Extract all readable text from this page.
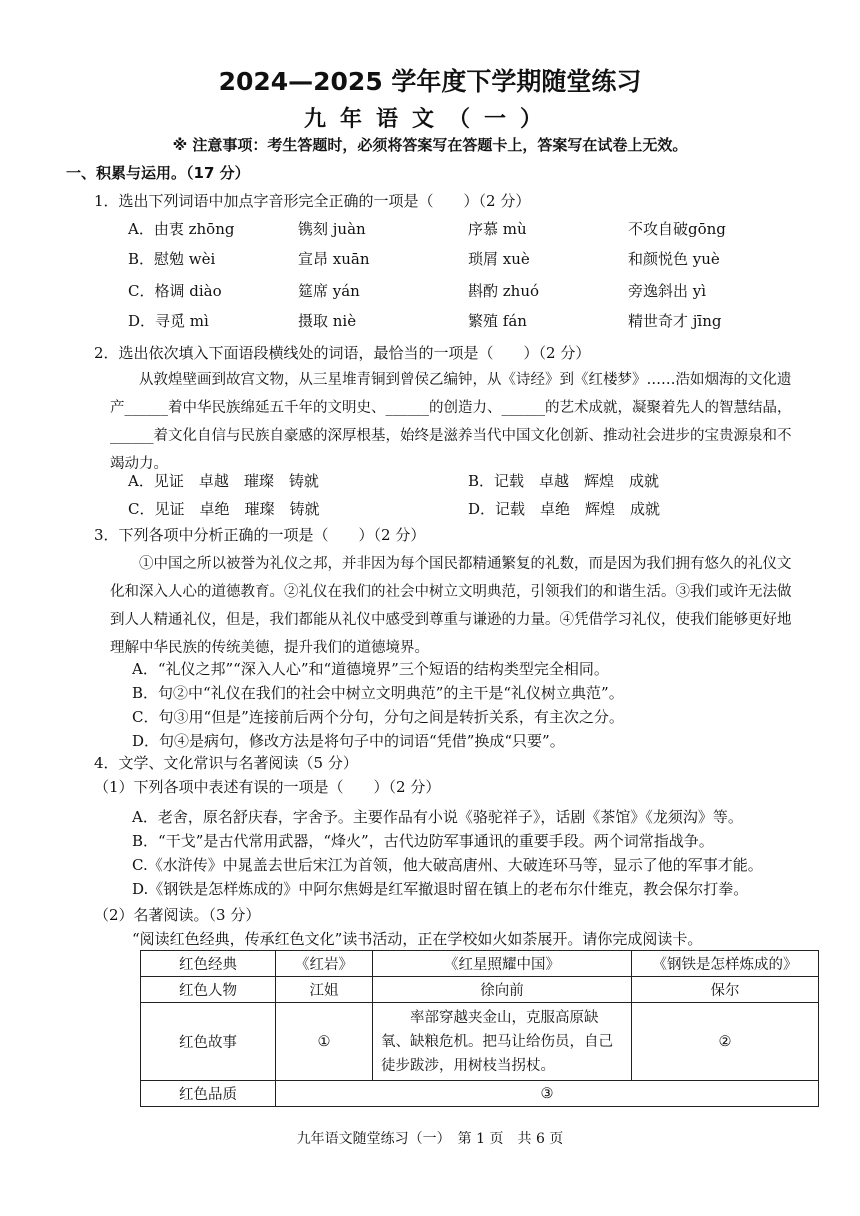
2024—2025 学年度下学期随堂练习
九年语文（一）
※ 注意事项：考生答题时，必须将答案写在答题卡上，答案写在试卷上无效。
一、积累与运用。（17 分）
1．选出下列词语中加点字音形完全正确的一项是（　　）（2 分）
A．由衷 zhōng	镌刻 juàn	序慕 mù	不攻自破gōng
B．慰勉 wèi	宣昂 xuān	琐屑 xuè	和颜悦色 yuè
C．格调 diào	筵席 yán	斟酌 zhuó	旁逸斜出 yì
D．寻觅 mì	摄取 niè	繁殖 fán	精世奇才 jīng
2．选出依次填入下面语段横线处的词语，最恰当的一项是（　　）（2 分）
从敦煌壁画到故宫文物，从三星堆青铜到曾侯乙编钟，从《诗经》到《红楼梦》……浩如烟海的文化遗产______着中华民族绵延五千年的文明史、______的创造力、______的艺术成就，凝聚着先人的智慧结晶，______着文化自信与民族自豪感的深厚根基，始终是滋养当代中国文化创新、推动社会进步的宝贵源泉和不竭动力。
A．见证　卓越　璀璨　铸就	B．记载　卓越　辉煌　成就
C．见证　卓绝　璀璨　铸就	D．记载　卓绝　辉煌　成就
3．下列各项中分析正确的一项是（　　）（2 分）
①中国之所以被誉为礼仪之邦，并非因为每个国民都精通繁复的礼数，而是因为我们拥有悠久的礼仪文化和深入人心的道德教育。②礼仪在我们的社会中树立文明典范，引领我们的和谐生活。③我们或许无法做到人人精通礼仪，但是，我们都能从礼仪中感受到尊重与谦逊的力量。④凭借学习礼仪，使我们能够更好地理解中华民族的传统美德，提升我们的道德境界。
A．“礼仪之邦”“深入人心”和“道德境界”三个短语的结构类型完全相同。
B．句②中“礼仪在我们的社会中树立文明典范”的主干是“礼仪树立典范”。
C．句③用“但是”连接前后两个分句，分句之间是转折关系，有主次之分。
D．句④是病句，修改方法是将句子中的词语“凭借”换成“只要”。
4．文学、文化常识与名著阅读（5 分）
（1）下列各项中表述有误的一项是（　　）（2 分）
A．老舍，原名舒庆春，字舍予。主要作品有小说《骆驼祥子》，话剧《茶馆》《龙须沟》等。
B．“干戈”是古代常用武器，“烽火”，古代边防军事通讯的重要手段。两个词常指战争。
C.《水浒传》中晁盖去世后宋江为首领，他大破高唐州、大破连环马等，显示了他的军事才能。
D.《钢铁是怎样炼成的》中阿尔焦姆是红军撤退时留在镇上的老布尔什维克，教会保尔打拳。
（2）名著阅读。（3 分）
“阅读红色经典，传承红色文化”读书活动，正在学校如火如荼展开。请你完成阅读卡。
红色经典	《红岩》	《红星照耀中国》	《钢铁是怎样炼成的》
红色人物	江姐	徐向前	保尔
红色故事	①	率部穿越夹金山，克服高原缺氧、缺粮危机。把马让给伤员，自己徒步跋涉，用树枝当拐杖。	②
红色品质	③		
九年语文随堂练习（一）　第 1 页　共 6 页
